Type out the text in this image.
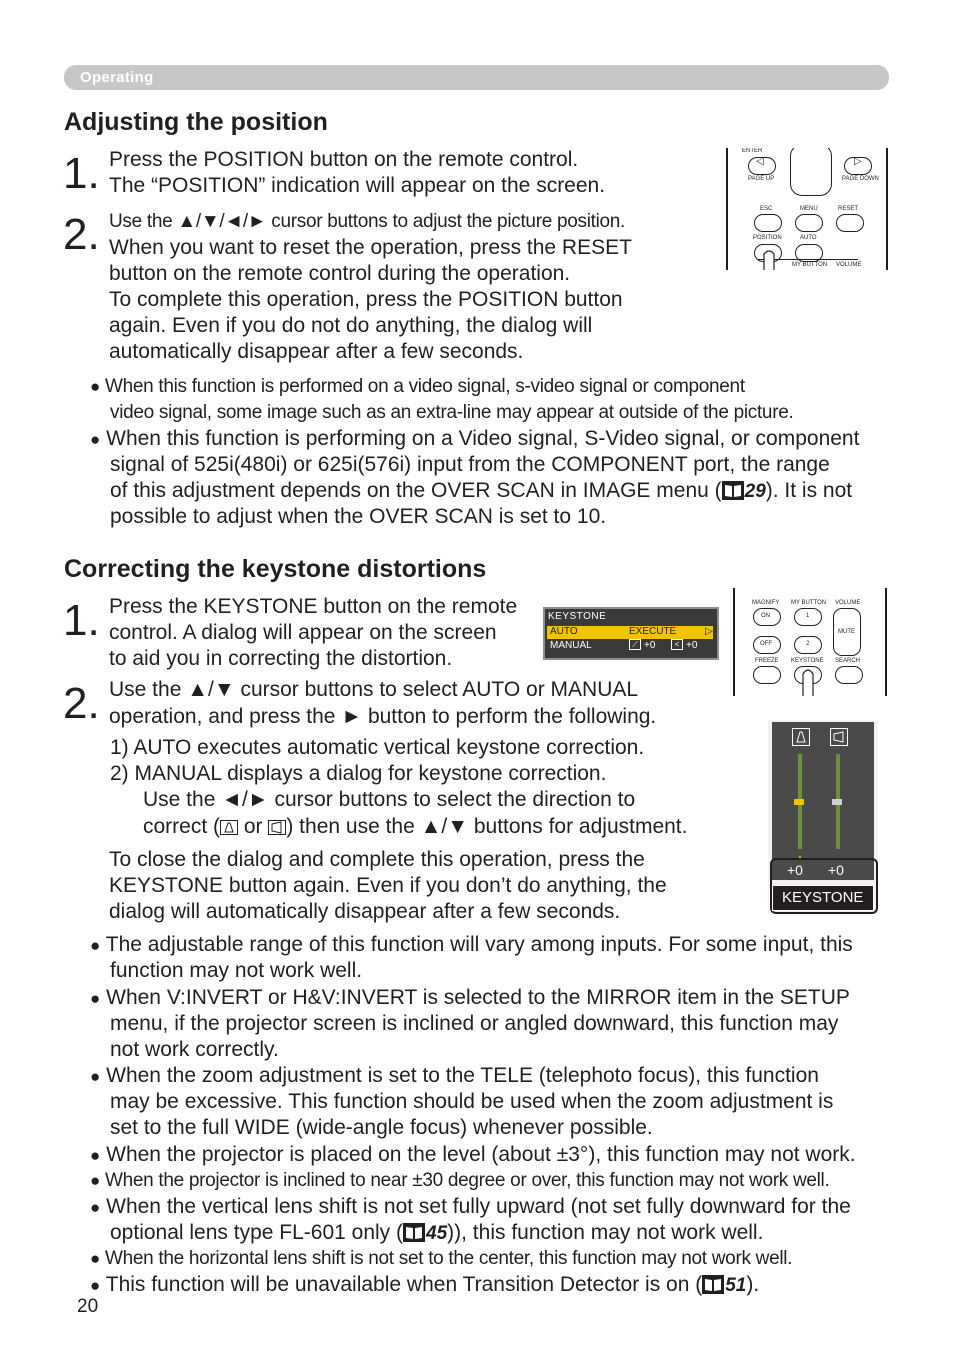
Operating
Adjusting the position
1. Press the POSITION button on the remote control.
The “POSITION” indication will appear on the screen.
2. Use the ▲/▼/◄/► cursor buttons to adjust the picture position.
When you want to reset the operation, press the RESET
button on the remote control during the operation.
To complete this operation, press the POSITION button
again. Even if you do not do anything, the dialog will
automatically disappear after a few seconds.
ENTER
◁	▷
PAGE UP	PAGE DOWN
ESC	MENU	RESET
POSITION	AUTO
MY BUTTON VOLUME
● When this function is performed on a video signal, s-video signal or component
video signal, some image such as an extra-line may appear at outside of the picture.
● When this function is performing on a Video signal, S-Video signal, or component
signal of 525i(480i) or 625i(576i) input from the COMPONENT port, the range
of this adjustment depends on the OVER SCAN in IMAGE menu ( 29). It is not
possible to adjust when the OVER SCAN is set to 10.
Correcting the keystone distortions
1. Press the KEYSTONE button on the remote
control. A dialog will appear on the screen
to aid you in correcting the distortion.
KEYSTONE
AUTO	EXECUTE	▷
MANUAL	⟋ +0	< +0
MAGNIFY MY BUTTON VOLUME
ON	1
MUTE
OFF	2
FREEZE KEYSTONE SEARCH
2. Use the ▲/▼ cursor buttons to select AUTO or MANUAL
operation, and press the ► button to perform the following.
1) AUTO executes automatic vertical keystone correction.
2) MANUAL displays a dialog for keystone correction.
Use the ◄/► cursor buttons to select the direction to
correct ( or ) then use the ▲/▼ buttons for adjustment.
To close the dialog and complete this operation, press the
KEYSTONE button again. Even if you don’t do anything, the
dialog will automatically disappear after a few seconds.
▲
+0 +0
KEYSTONE
● The adjustable range of this function will vary among inputs. For some input, this
function may not work well.
● When V:INVERT or H&V:INVERT is selected to the MIRROR item in the SETUP
menu, if the projector screen is inclined or angled downward, this function may
not work correctly.
● When the zoom adjustment is set to the TELE (telephoto focus), this function
may be excessive. This function should be used when the zoom adjustment is
set to the full WIDE (wide-angle focus) whenever possible.
● When the projector is placed on the level (about ±3°), this function may not work.
● When the projector is inclined to near ±30 degree or over, this function may not work well.
● When the vertical lens shift is not set fully upward (not set fully downward for the
optional lens type FL-601 only ( 45)), this function may not work well.
● When the horizontal lens shift is not set to the center, this function may not work well.
● This function will be unavailable when Transition Detector is on ( 51).
20
